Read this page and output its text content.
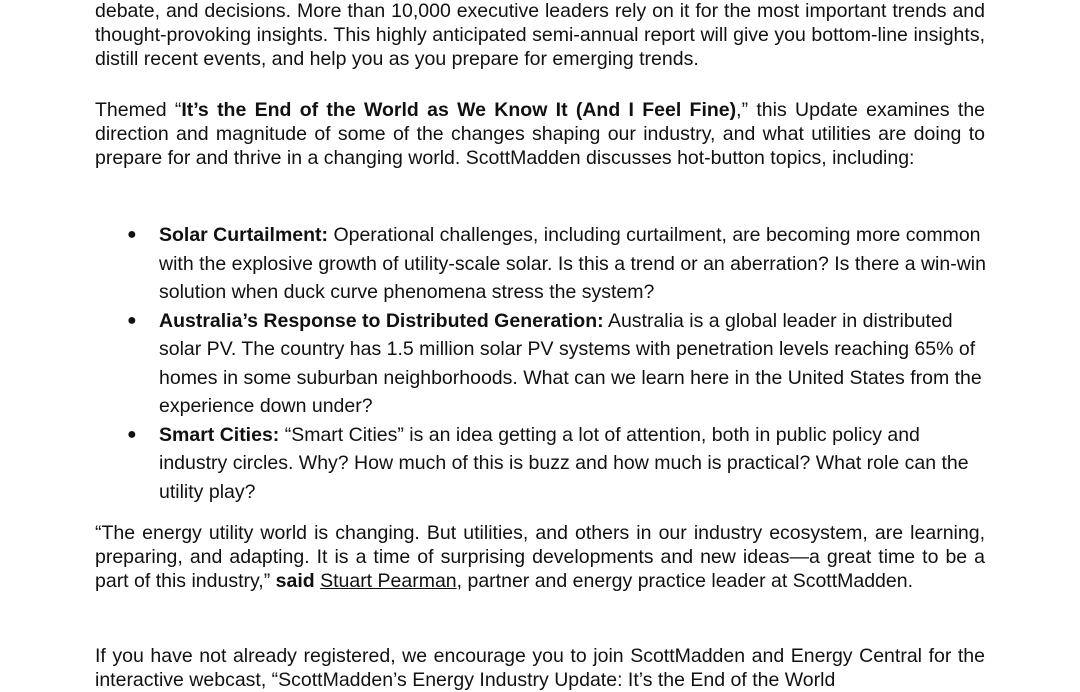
debate, and decisions. More than 10,000 executive leaders rely on it for the most important trends and thought-provoking insights. This highly anticipated semi-annual report will give you bottom-line insights, distill recent events, and help you as you prepare for emerging trends.

Themed “It’s the End of the World as We Know It (And I Feel Fine),” this Update examines the direction and magnitude of some of the changes shaping our industry, and what utilities are doing to prepare for and thrive in a changing world. ScottMadden discusses hot-button topics, including:

● Solar Curtailment: Operational challenges, including curtailment, are becoming more common with the explosive growth of utility-scale solar. Is this a trend or an aberration? Is there a win-win solution when duck curve phenomena stress the system?
● Australia’s Response to Distributed Generation: Australia is a global leader in distributed solar PV. The country has 1.5 million solar PV systems with penetration levels reaching 65% of homes in some suburban neighborhoods. What can we learn here in the United States from the experience down under?
● Smart Cities: “Smart Cities” is an idea getting a lot of attention, both in public policy and industry circles. Why? How much of this is buzz and how much is practical? What role can the utility play?

“The energy utility world is changing. But utilities, and others in our industry ecosystem, are learning, preparing, and adapting. It is a time of surprising developments and new ideas—a great time to be a part of this industry,” said Stuart Pearman, partner and energy practice leader at ScottMadden.

If you have not already registered, we encourage you to join ScottMadden and Energy Central for the interactive webcast, “ScottMadden’s Energy Industry Update: It’s the End of the World
